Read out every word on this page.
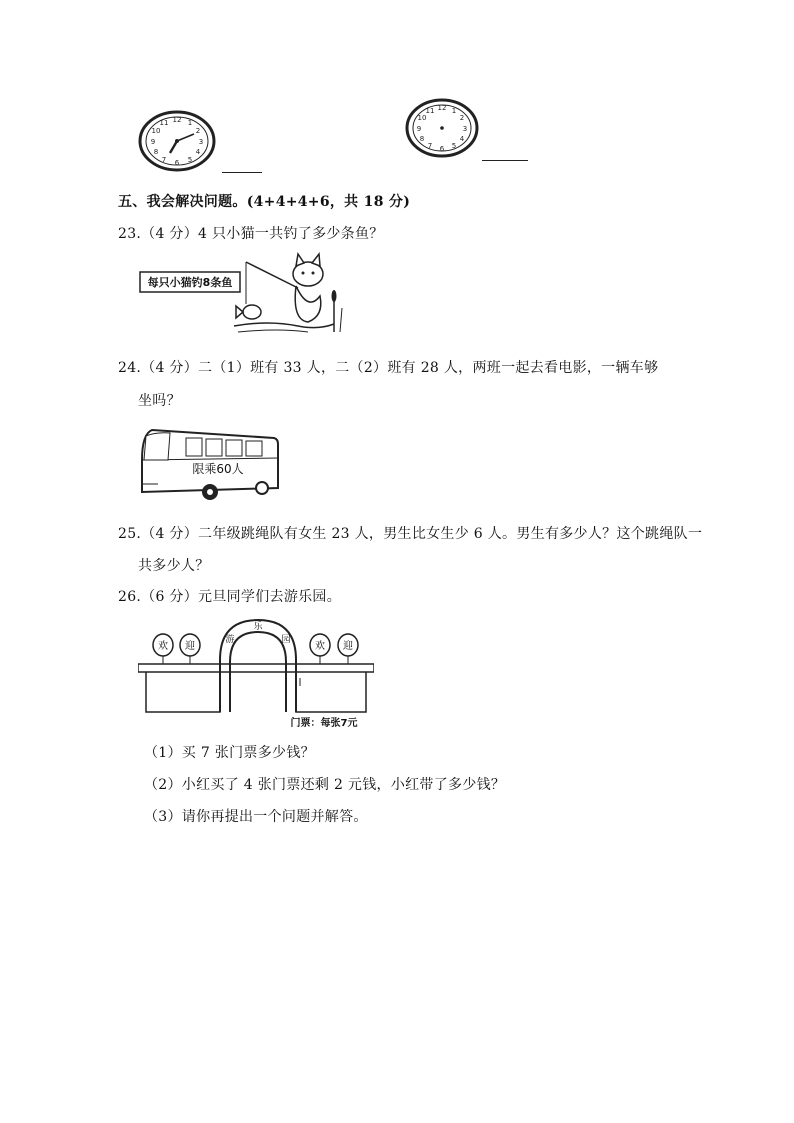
12 1
2
3
4
5
6
7
8
9
10
11
12 1
2
3
4
5
6
7
8
9
10
11
五、我会解决问题。(4+4+4+6，共 18 分)
23.（4 分）4 只小猫一共钓了多少条鱼？
每只小猫钓8条鱼
24.（4 分）二（1）班有 33 人，二（2）班有 28 人，两班一起去看电影，一辆车够
坐吗？
限乘60人
25.（4 分）二年级跳绳队有女生 23 人，男生比女生少 6 人。男生有多少人？这个跳绳队一
共多少人？
26.（6 分）元旦同学们去游乐园。
游
乐
园
欢 迎	欢 迎
门票：每张7元
（1）买 7 张门票多少钱？
（2）小红买了 4 张门票还剩 2 元钱，小红带了多少钱？
（3）请你再提出一个问题并解答。
